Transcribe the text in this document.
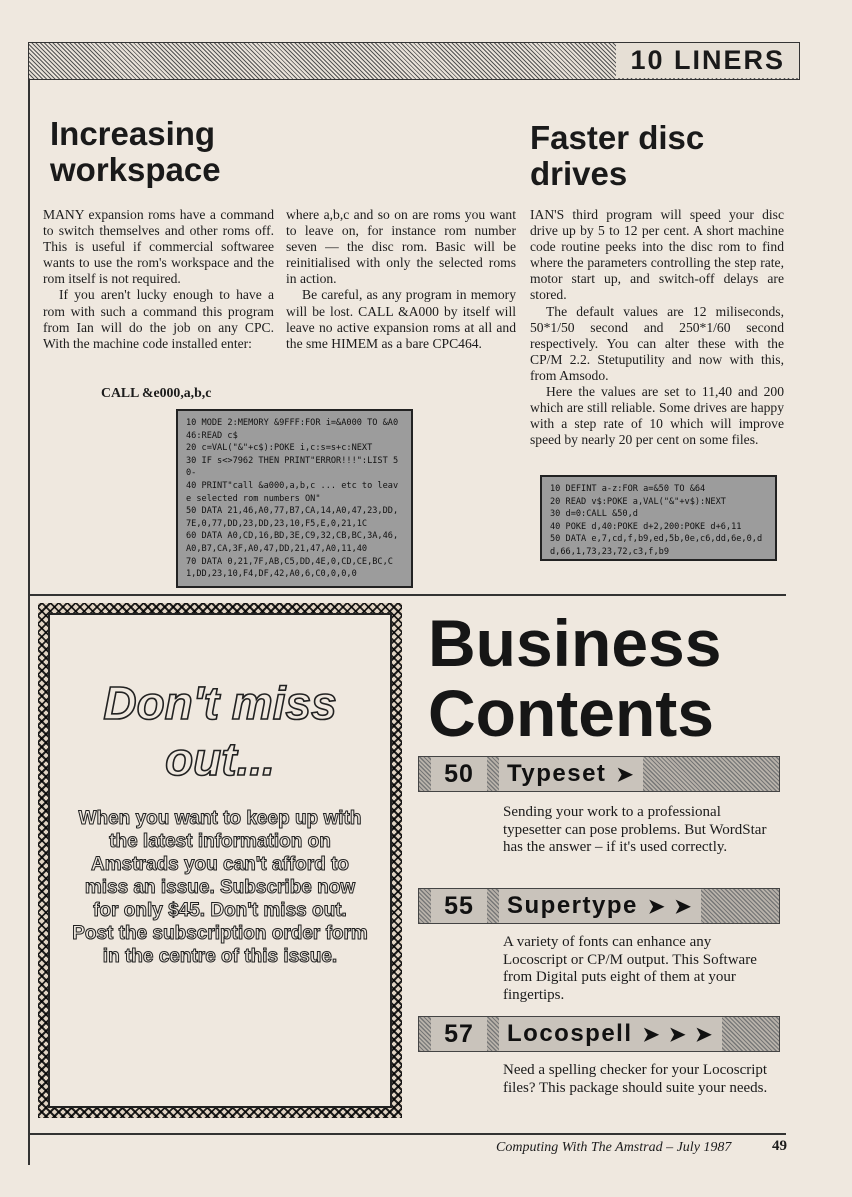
10 LINERS
Increasing
workspace

MANY expansion roms have a command to switch themselves and other roms off. This is useful if commercial softwaree wants to use the rom's workspace and the rom itself is not required.

If you aren't lucky enough to have a rom with such a command this program from Ian will do the job on any CPC. With the machine code installed enter:

CALL &e000,a,b,c

where a,b,c and so on are roms you want to leave on, for instance rom number seven — the disc rom. Basic will be reinitialised with only the selected roms in action.

Be careful, as any program in memory will be lost. CALL &A000 by itself will leave no active expansion roms at all and the sme HIMEM as a bare CPC464.

10 MODE 2:MEMORY &9FFF:FOR i=&A000 TO &A046:READ c$
20 c=VAL("&"+c$):POKE i,c:s=s+c:NEXT
30 IF s<>7962 THEN PRINT"ERROR!!!":LIST 50-
40 PRINT"call &a000,a,b,c ... etc to leave selected rom numbers ON"
50 DATA 21,46,A0,77,B7,CA,14,A0,47,23,DD,7E,0,77,DD,23,DD,23,10,F5,E,0,21,1C
60 DATA A0,CD,16,BD,3E,C9,32,CB,BC,3A,46,A0,B7,CA,3F,A0,47,DD,21,47,A0,11,40
70 DATA 0,21,7F,AB,C5,DD,4E,0,CD,CE,BC,C1,DD,23,10,F4,DF,42,A0,6,C0,0,0,0
Faster disc
drives

IAN'S third program will speed your disc drive up by 5 to 12 per cent. A short machine code routine peeks into the disc rom to find where the parameters controlling the step rate, motor start up, and switch-off delays are stored.

The default values are 12 miliseconds, 50*1/50 second and 250*1/60 second respectively. You can alter these with the CP/M 2.2. Stetuputility and now with this, from Amsodo.

Here the values are set to 11,40 and 200 which are still reliable. Some drives are happy with a step rate of 10 which will improve speed by nearly 20 per cent on some files.

10 DEFINT a-z:FOR a=&50 TO &64
20 READ v$:POKE a,VAL("&"+v$):NEXT
30 d=0:CALL &50,d
40 POKE d,40:POKE d+2,200:POKE d+6,11
50 DATA e,7,cd,f,b9,ed,5b,0e,c6,dd,6e,0,dd,66,1,73,23,72,c3,f,b9
Don't miss
out...
When you want to keep up with the latest information on Amstrads you can't afford to miss an issue. Subscribe now for only $45. Don't miss out. Post the subscription order form in the centre of this issue.
Business
Contents
50	Typeset ➤

Sending your work to a professional typesetter can pose problems. But WordStar has the answer – if it's used correctly.

55	Supertype ➤ ➤

A variety of fonts can enhance any Locoscript or CP/M output. This Software from Digital puts eight of them at your fingertips.

57	Locospell ➤ ➤ ➤

Need a spelling checker for your Locoscript files? This package should suite your needs.

Computing With The Amstrad – July 1987	49
